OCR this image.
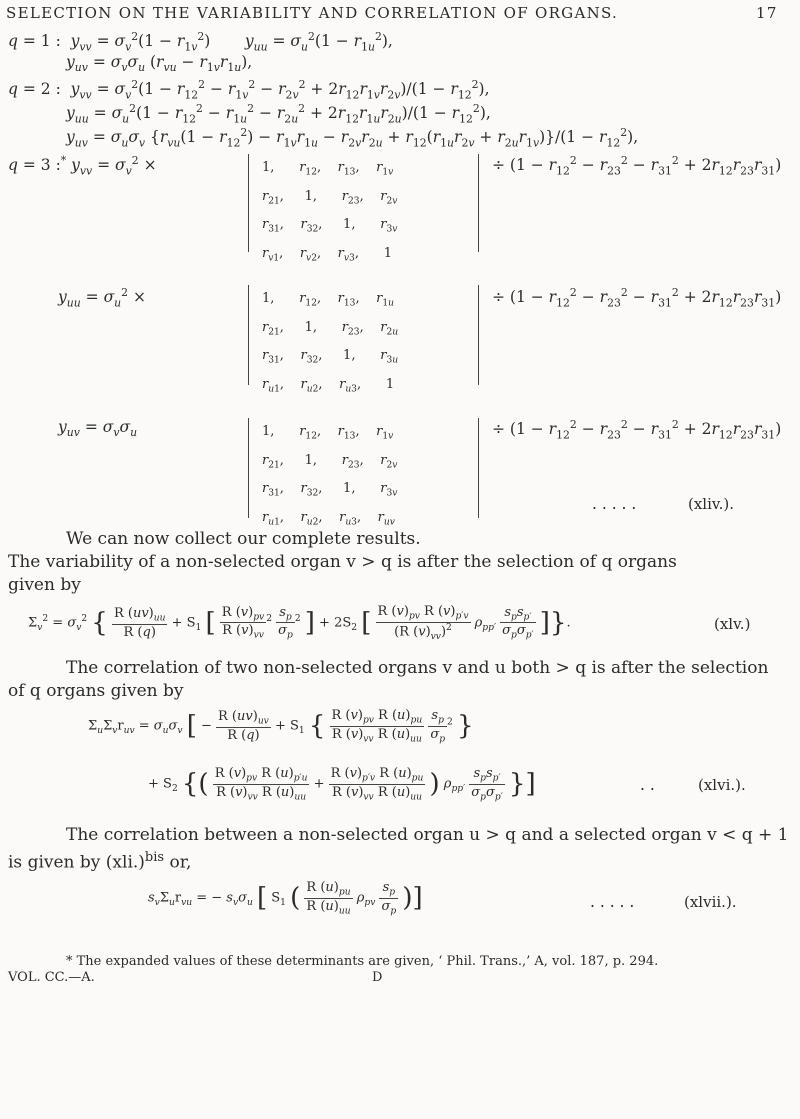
SELECTION ON THE VARIABILITY AND CORRELATION OF ORGANS.	17
q = 1 :  $y_{vv} = \sigma_v^2(1 - r_{1v}^2)$       $y_{uu} = \sigma_u^2(1 - r_{1u}^2)$,
$y_{uv} = \sigma_v\sigma_u$ $(r_{vu} - r_{1v}r_{1u})$,
q = 2 :  $y_{vv} = \sigma_v^2(1 - r_{12}^2 - r_{1v}^2 - r_{2v}^2 + 2r_{12}r_{1v}r_{2v})/(1 - r_{12}^2)$,
$y_{uu} = \sigma_u^2(1 - r_{12}^2 - r_{1u}^2 - r_{2u}^2 + 2r_{12}r_{1u}r_{2u})/(1 - r_{12}^2)$,
$y_{uv} = \sigma_u\sigma_v$ $\{r_{vu}(1 - r_{12}^2) - r_{1v}r_{1u} - r_{2v}r_{2u} + r_{12}(r_{1u}r_{2v} + r_{2u}r_{1v})\}/(1 - r_{12}^2)$,
q = 3 :* $y_{vv} = \sigma_v^2$ ×	1,      $r_{12}$,    $r_{13}$,    $r_{1v}$
$r_{21}$,     1,      $r_{23}$,    $r_{2v}$
$r_{31}$,    $r_{32}$,     1,      $r_{3v}$
$r_{v1}$,    $r_{v2}$,    $r_{v3}$,      1
÷ $(1 - r_{12}^2 - r_{23}^2 - r_{31}^2 + 2r_{12}r_{23}r_{31})$
$y_{uu} = \sigma_u^2$ ×	1,      $r_{12}$,    $r_{13}$,    $r_{1u}$
$r_{21}$,     1,      $r_{23}$,    $r_{2u}$
$r_{31}$,    $r_{32}$,     1,      $r_{3u}$
$r_{u1}$,    $r_{u2}$,    $r_{u3}$,      1
÷ $(1 - r_{12}^2 - r_{23}^2 - r_{31}^2 + 2r_{12}r_{23}r_{31})$
$y_{uv} = \sigma_v\sigma_u$	1,      $r_{12}$,    $r_{13}$,    $r_{1v}$
$r_{21}$,     1,      $r_{23}$,    $r_{2v}$
$r_{31}$,    $r_{32}$,     1,      $r_{3v}$
$r_{u1}$,    $r_{u2}$,    $r_{u3}$,    $r_{uv}$
÷ $(1 - r_{12}^2 - r_{23}^2 - r_{31}^2 + 2r_{12}r_{23}r_{31})$
. . . . .	(xliv.).
We can now collect our complete results.
The variability of a non-selected organ v > q is after the selection of q organs
given by
$\Sigma_v^2 = \sigma_v^2$ { $\frac{R (uv)_{uu}}{R (q)} + S_1$ [ $\frac{R (v)_{pv}}{R (v)_{vv}} ^2 \frac{s_p}{\sigma_p} ^2$ ] + $2S_2$ [ $\frac{R (v)_{pv} R (v)_{p'v}}{(R (v)_{vv})^2} \rho_{pp'} \frac{s_ps_{p'}}{\sigma_p\sigma_{p'}}$ ]}.	(xlv.)
The correlation of two non-selected organs v and u both > q is after the selection
of q organs given by
$\Sigma_u\Sigma_vr_{uv} = \sigma_u\sigma_v$ [ − $\frac{R (uv)_{uv}}{R (q)} + S_1$ { $\frac{R (v)_{pv} R (u)_{pu}}{R (v)_{vv} R (u)_{uu}}$
$\frac{s_p}{\sigma_p} ^2$ }
+ $S_2$ {( $\frac{R (v)_{pv} R (u)_{p'u}}{R (v)_{vv} R (u)_{uu}} + \frac{R (v)_{p'v} R (u)_{pu}}{R (v)_{vv} R (u)_{uu}}$ ) $\rho_{pp'} \frac{s_ps_{p'}}{\sigma_p\sigma_{p'}}$ }]	. .	(xlvi.).
The correlation between a non-selected organ u > q and a selected organ v < q + 1
is given by $(xli.)^{bis}$ or,
$s_v\Sigma_ur_{vu}$ = − $s_v\sigma_u$ [ $S_1$ ( $\frac{R (u)_{pu}}{R (u)_{uu}} \rho_{pv} \frac{s_p}{\sigma_p}$ )]	. . . . .	(xlvii.).
* The expanded values of these determinants are given, ‘ Phil. Trans.,’ A, vol. 187, p. 294.
VOL. CC.—A.	D
